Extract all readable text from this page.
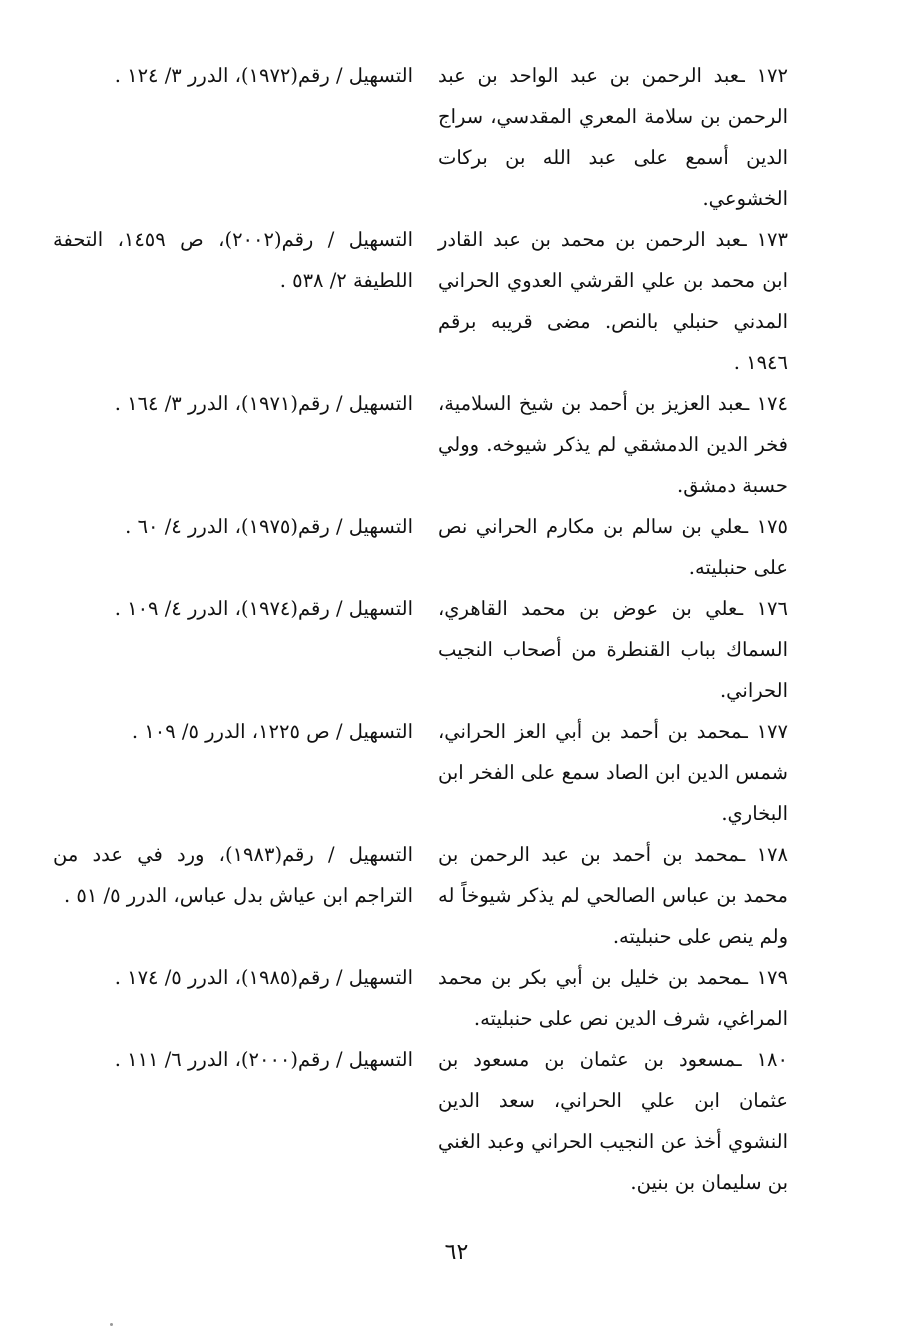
١٧٢ ـعبد الرحمن بن عبد الواحد بن عبد الرحمن بن سلامة المعري المقدسي، سراج الدين أسمع على عبد الله بن بركات الخشوعي.
التسهيل / رقم(١٩٧٢)، الدرر ٣/ ١٢٤ .
١٧٣ ـعبد الرحمن بن محمد بن عبد القادر ابن محمد بن علي القرشي العدوي الحراني المدني حنبلي بالنص. مضى قريبه برقم ١٩٤٦ .
التسهيل / رقم(٢٠٠٢)، ص ١٤٥٩، التحفة اللطيفة ٢/ ٥٣٨ .
١٧٤ ـعبد العزيز بن أحمد بن شيخ السلامية، فخر الدين الدمشقي لم يذكر شيوخه. وولي حسبة دمشق.
التسهيل / رقم(١٩٧١)، الدرر ٣/ ١٦٤ .
١٧٥ ـعلي بن سالم بن مكارم الحراني نص على حنبليته.
التسهيل / رقم(١٩٧٥)، الدرر ٤/ ٦٠ .
١٧٦ ـعلي بن عوض بن محمد القاهري، السماك بباب القنطرة من أصحاب النجيب الحراني.
التسهيل / رقم(١٩٧٤)، الدرر ٤/ ١٠٩ .
١٧٧ ـمحمد بن أحمد بن أبي العز الحراني، شمس الدين ابن الصاد سمع على الفخر ابن البخاري.
التسهيل / ص ١٢٢٥، الدرر ٥/ ١٠٩ .
١٧٨ ـمحمد بن أحمد بن عبد الرحمن بن محمد بن عباس الصالحي لم يذكر شيوخاً له ولم ينص على حنبليته.
التسهيل / رقم(١٩٨٣)، ورد في عدد من التراجم ابن عياش بدل عباس، الدرر ٥/ ٥١ .
١٧٩ ـمحمد بن خليل بن أبي بكر بن محمد المراغي، شرف الدين نص على حنبليته.
التسهيل / رقم(١٩٨٥)، الدرر ٥/ ١٧٤ .
١٨٠ ـمسعود بن عثمان بن مسعود بن عثمان ابن علي الحراني، سعد الدين النشوي أخذ عن النجيب الحراني وعبد الغني بن سليمان بن بنين.
التسهيل / رقم(٢٠٠٠)، الدرر ٦/ ١١١ .
٦٢
